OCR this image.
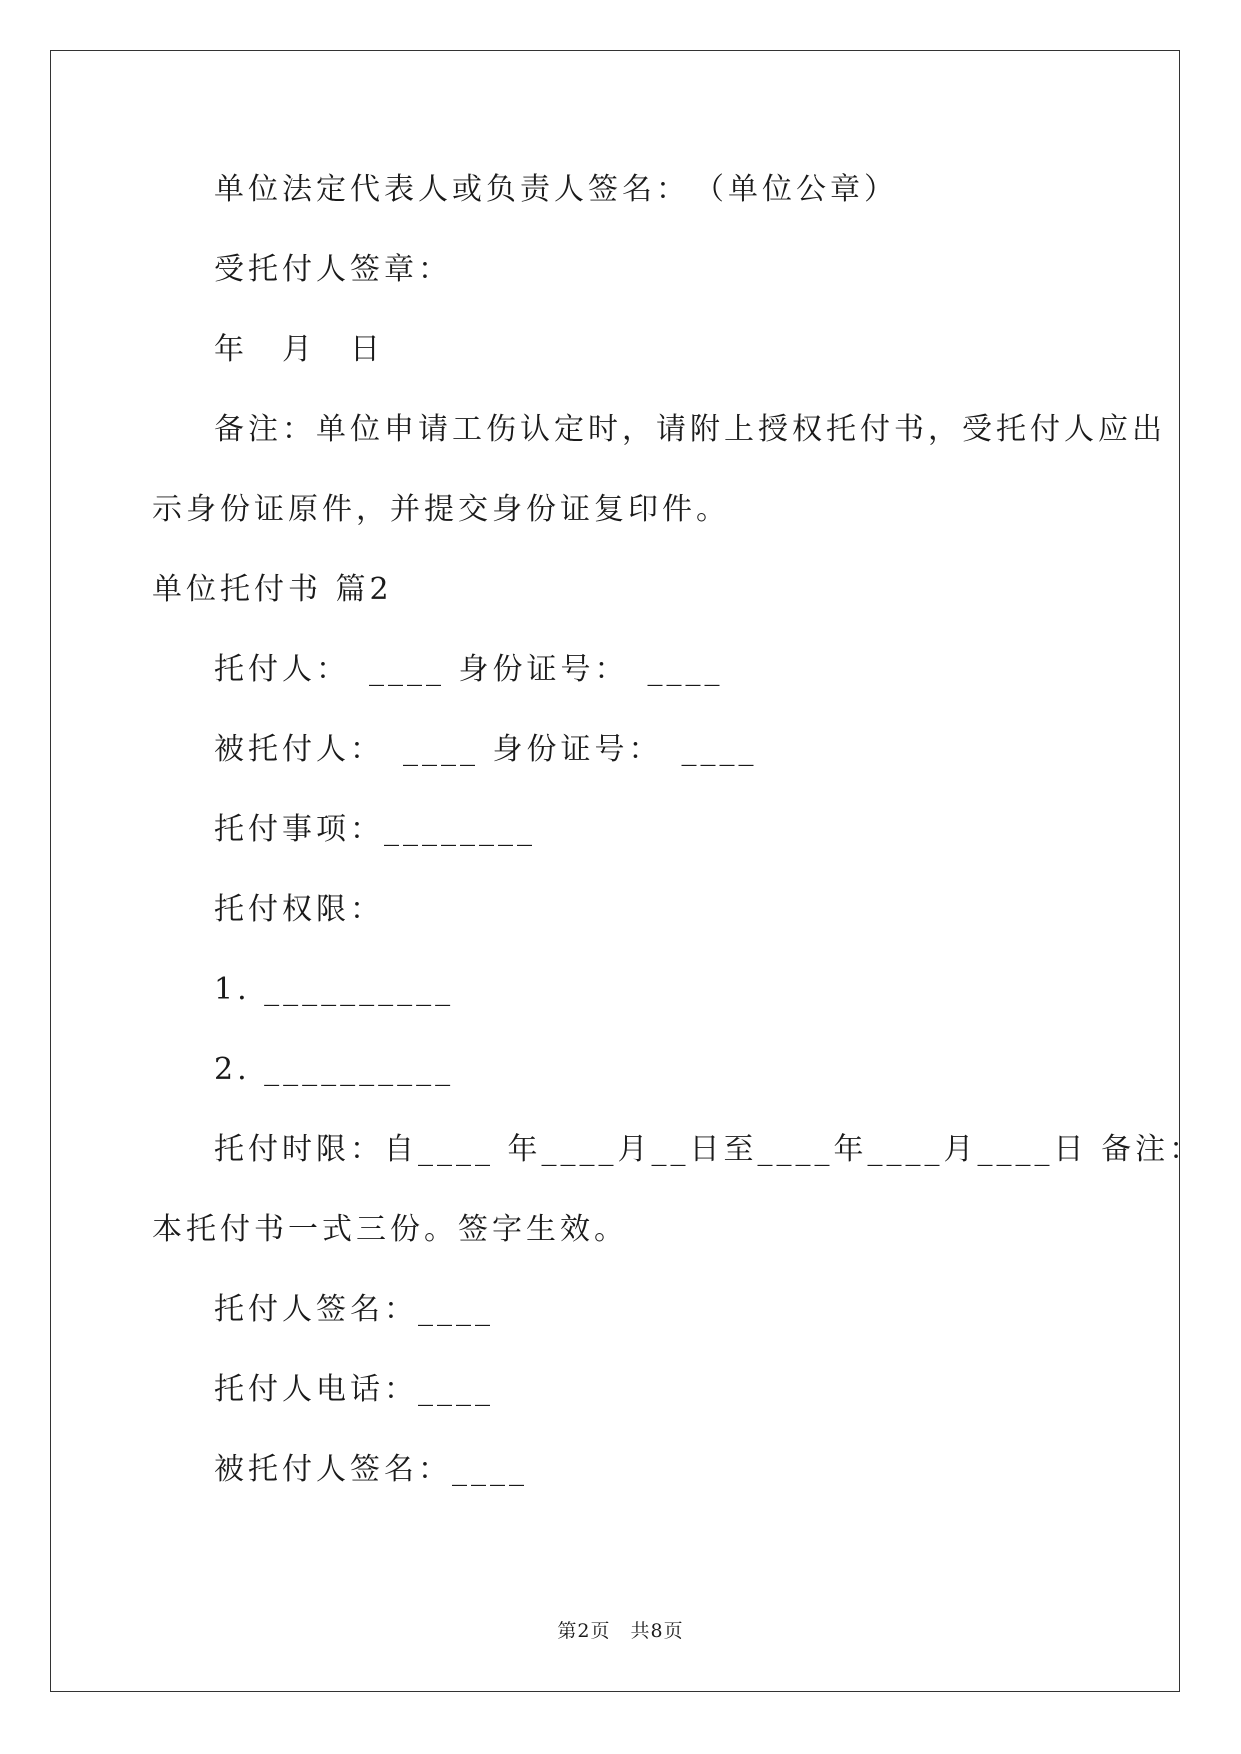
单位法定代表人或负责人签名：　（单位公章）
受托付人签章：
年　月　日
备注：单位申请工伤认定时，请附上授权托付书，受托付人应出
示身份证原件，并提交身份证复印件。
单位托付书 篇2
托付人：　____ 身份证号：　____
被托付人：　____ 身份证号：　____
托付事项：________
托付权限：
1. __________
2. __________
托付时限：自____ 年____月__日至____年____月____日 备注：
本托付书一式三份。签字生效。
托付人签名：____
托付人电话：____
被托付人签名：____
第2页　共8页
